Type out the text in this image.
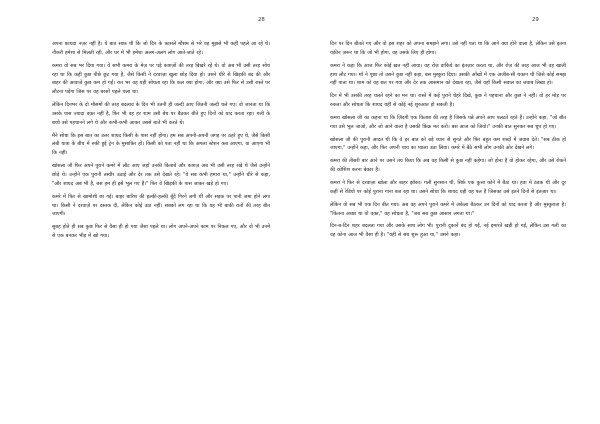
28

अपना फ़ायदा नज़र नहीं है। ये बात साफ़ थी कि जो दिन के फ़ासले मौसम से भरे वह मुझसे भी कहीं पहले आ रहे थे। नौकरी हमेशा से मिलती रही, और घर में भी हमेशा अलग-अलग लोग आते-जाते रहे।

कमरा वो सब भर दिया गया। ये सभी कमरा के मेज़ पर पड़े काग़ज़ों की तरह बिखरे रहे थे। वो अब भी उसी तरह सोच रहा था कि कहीं कुछ पीछे छूट गया है, जैसे किसी ने दरवाज़ा खुला छोड़ दिया हो। उसने धीरे से खिड़की बंद की और बाहर की आवाज़ें कुछ कम हो गईं। रात भर वह यही सोचता रहा कि कल क्या होगा, और क्या उसे फिर से उसी रास्ते पर लौटना पड़ेगा जिस पर वह बरसों पहले चला था।

लेकिन दिनभर के दो मौसमों की तरह बदलाव के दिन भी उतनी ही जल्दी आए जितनी जल्दी चले गए। वो जानता था कि उसके पास ज़्यादा वक़्त नहीं है, फिर भी वह हर शाम उसी बेंच पर बैठकर बीते हुए दिनों को याद करता रहा। गली के बच्चे उसे पहचानने लगे थे और कभी-कभी आकर उससे बातें भी करते थे।

मैंने सोचा कि इस बात का उत्तर शायद किसी के पास नहीं होगा। हम सब अपनी-अपनी जगह पर ठहरे हुए थे, जैसे किसी लंबी यात्रा के बीच में रुकी हुई ट्रेन के मुसाफ़िर हों। किसी को पता नहीं था कि अगला स्टेशन कब आएगा, या आएगा भी कि नहीं।

खोसला जी फिर अपने पुराने कमरे में लौट आए जहाँ उनकी किताबें और काग़ज़ अब भी उसी तरह रखे थे जैसे उन्होंने छोड़े थे। उन्होंने एक पुरानी तस्वीर उठाई और देर तक उसे देखते रहे। "ये सब कभी हमारा था," उन्होंने धीरे से कहा, "और शायद अब भी है, बस हम ही इसे भूल गए हैं।" फिर वे खिड़की के पास जाकर खड़े हो गए।

कमरे में फिर से खामोशी छा गई। बाहर बारिश की हल्की-हल्की बूँदें गिरने लगी थीं और सड़क पर पानी जमा होने लगा था। किसी ने दरवाज़े पर दस्तक दी, लेकिन कोई उठा नहीं। सबको लग रहा था कि यह भी बाकी रातों की तरह बीत जाएगी।

सुबह होते ही सब कुछ फिर से वैसा ही हो गया जैसा पहले था। लोग अपने-अपने काम पर निकल गए, और वो भी उनमें से एक बनकर भीड़ में खो गया।

29

दिन पर दिन बीतते गए और वो इस शहर को अपना समझने लगा। उसे नहीं पता था कि आगे क्या होने वाला है, लेकिन उसे इतना यक़ीन ज़रूर था कि जो भी होगा, वह उसके लिए ही होगा।

कमरा ने कहा कि आज फिर कोई ख़त नहीं आया। वह रोज़ डाकिये का इंतज़ार करता था, और रोज़ की तरह आज भी वह खाली हाथ लौट गया। माँ ने पूछा तो उसने कुछ नहीं कहा, बस मुस्कुरा दिया। उसकी आँखों में एक अजीब-सी थकान थी जिसे कोई समझ नहीं पाता था। शाम को वह छत पर गया और देर तक आसमान को देखता रहा, जैसे वहाँ किसी सवाल का जवाब लिखा हो।

दिन में भी उसकी तरह चलते रहने का मन था। रास्ते में कई पुराने चेहरे दिखे, कुछ ने पहचाना और कुछ ने नहीं। वो हर मोड़ पर रुकता और सोचता कि शायद यहीं से कोई नई शुरुआत हो सकती है।

कमरा खोसला जी का कहना था कि ज़िंदगी एक किताब की तरह है जिसके पन्ने अपने आप पलटते रहते हैं। उन्होंने कहा, "जो बीत गया उसे भूल जाओ, और जो आने वाला है उसकी फ़िक्र मत करो। बस आज को जियो।" उनकी बात सुनकर सब चुप हो गए।

खोसला जी की पुरानी आदत थी कि वे हर बात को बड़े ध्यान से सुनते और फिर बहुत कम शब्दों में जवाब देते। "सब ठीक हो जाएगा," उन्होंने कहा, और फिर अपनी चाय का प्याला उठा लिया। कमरे में बैठे सभी लोग उनकी ओर देखने लगे।

कमरा की तीसरी बार आने पर उसने तय किया कि अब वह किसी से कुछ नहीं कहेगा। जो होना है वो होकर रहेगा, और उसे रोकने की कोशिश करना बेकार है।

कमरा ने फिर से दरवाज़ा खोला और बाहर झाँका। गली सुनसान थी, सिर्फ़ एक कुत्ता कोने में बैठा था। हवा में ठंडक थी और दूर कहीं से रेडियो पर कोई पुराना गाना बज रहा था। उसने सोचा कि शायद यही वह पल है जिसका उसे इतने दिनों से इंतज़ार था।

लेकिन वो सब भी एक दिन बीत गया। अब वह अपने पुराने कमरे में अकेला बैठकर उन दिनों को याद करता है और मुस्कुराता है। "कितना अच्छा था वो वक़्त," वह सोचता है, "जब सब कुछ आसान लगता था।"

दिन-ब-दिन शहर बदलता गया और उसके साथ लोग भी। पुरानी दुकानें बंद हो गईं, नई इमारतें खड़ी हो गईं, लेकिन उस गली का वह कोना आज भी वैसा ही है। "यहीं से सब शुरू हुआ था," उसने कहा।
